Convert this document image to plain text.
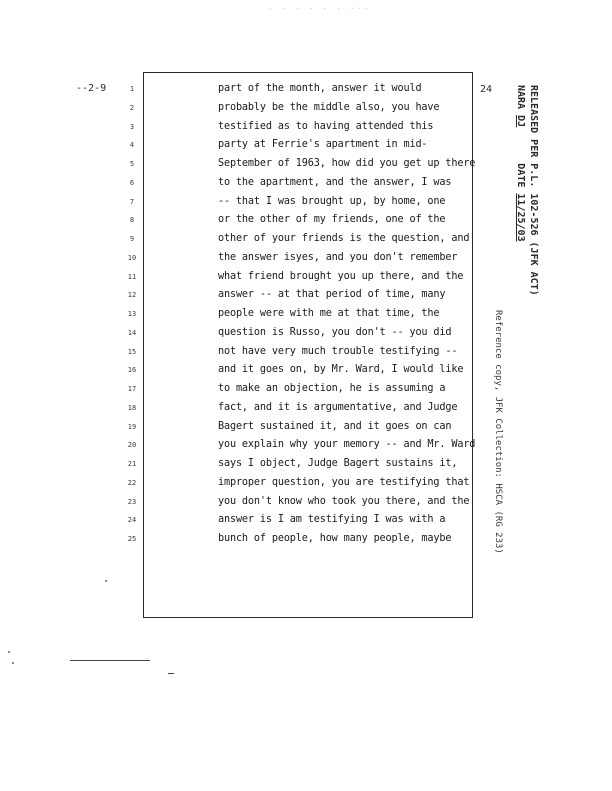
. . . . . . ...
--2-9	1
2
3
4
5
6
7
8
9
10
11
12
13
14
15
16
17
18
19
20
21
22
23
24
25
part of the month, answer it would
probably be the middle also, you have
testified as to having attended this
party at Ferrie's apartment in mid-
September of 1963, how did you get up there
to the apartment, and the answer, I was
-- that I was brought up, by home, one
or the other of my friends, one of the
other of your friends is the question, and
the answer isyes, and you don't remember
what friend brought you up there, and the
answer -- at that period of time, many
people were with me at that time, the
question is Russo, you don't -- you did
not have very much trouble testifying --
and it goes on, by Mr. Ward, I would like
to make an objection, he is assuming a
fact, and it is argumentative, and Judge
Bagert sustained it, and it goes on can
you explain why your memory -- and Mr. Ward
says I object, Judge Bagert sustains it,
improper question, you are testifying that
you don't know who took you there, and the
answer is I am testifying I was with a
bunch of people, how many people, maybe
24	RELEASED PER P.L. 102-526 (JFK ACT)
NARA DJ      DATE 11/25/03
Reference copy, JFK Collection: HSCA (RG 233)
